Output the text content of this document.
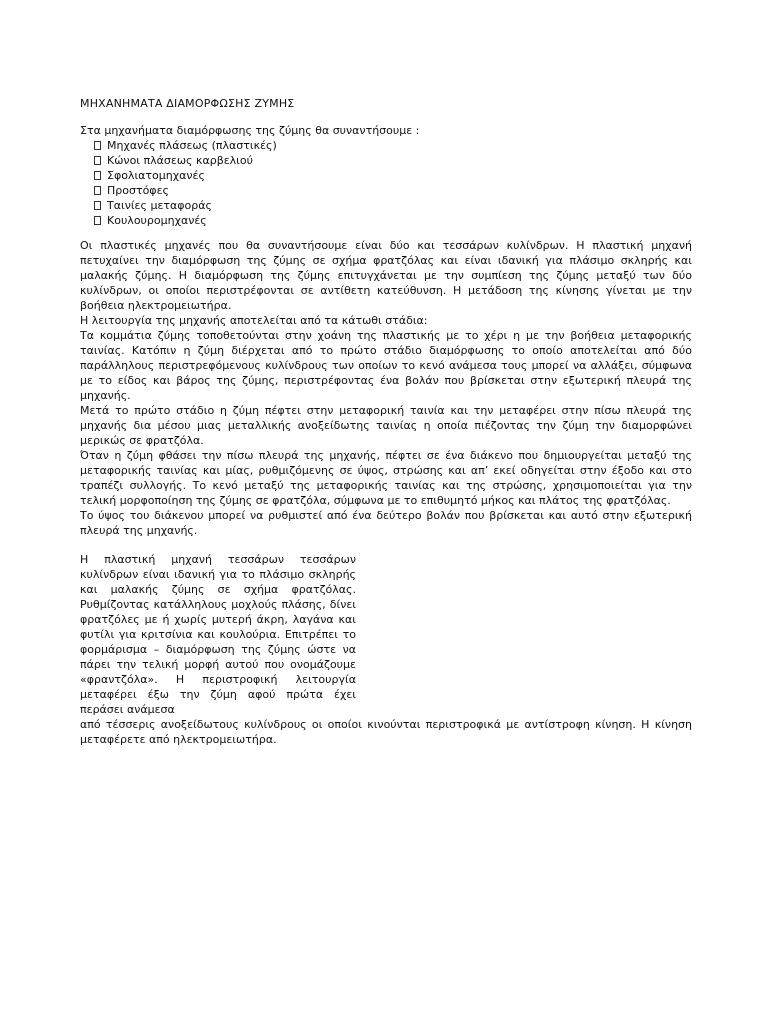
ΜΗΧΑΝΗΜΑΤΑ ΔΙΑΜΟΡΦΩΣΗΣ ΖΥΜΗΣ

Στα μηχανήματα διαμόρφωσης της ζύμης θα συναντήσουμε :

Μηχανές πλάσεως (πλαστικές)
Κώνοι πλάσεως καρβελιού
Σφολιατομηχανές
Προστόφες
Ταινίες μεταφοράς
Κουλουρομηχανές

Οι πλαστικές μηχανές που θα συναντήσουμε είναι δύο και τεσσάρων κυλίνδρων. Η πλαστική μηχανή πετυχαίνει την διαμόρφωση της ζύμης σε σχήμα φρατζόλας και είναι ιδανική για πλάσιμο σκληρής και μαλακής ζύμης. Η διαμόρφωση της ζύμης επιτυγχάνεται με την συμπίεση της ζύμης μεταξύ των δύο κυλίνδρων, οι οποίοι περιστρέφονται σε αντίθετη κατεύθυνση. Η μετάδοση της κίνησης γίνεται με την βοήθεια ηλεκτρομειωτήρα.

Η λειτουργία της μηχανής αποτελείται από τα κάτωθι στάδια:

Τα κομμάτια ζύμης τοποθετούνται στην χοάνη της πλαστικής με το χέρι η με την βοήθεια μεταφορικής ταινίας. Κατόπιν η ζύμη διέρχεται από το πρώτο στάδιο διαμόρφωσης το οποίο αποτελείται από δύο παράλληλους περιστρεφόμενους κυλίνδρους των οποίων το κενό ανάμεσα τους μπορεί να αλλάξει, σύμφωνα με το είδος και βάρος της ζύμης, περιστρέφοντας ένα βολάν που βρίσκεται στην εξωτερική πλευρά της μηχανής.

Μετά το πρώτο στάδιο η ζύμη πέφτει στην μεταφορική ταινία και την μεταφέρει στην πίσω πλευρά της μηχανής δια μέσου μιας μεταλλικής ανοξείδωτης ταινίας η οποία πιέζοντας την ζύμη την διαμορφώνει μερικώς σε φρατζόλα.

Όταν η ζύμη φθάσει την πίσω πλευρά της μηχανής, πέφτει σε ένα διάκενο που δημιουργείται μεταξύ της μεταφορικής ταινίας και μίας, ρυθμιζόμενης σε ύψος, στρώσης και απ’ εκεί οδηγείται στην έξοδο και στο τραπέζι συλλογής. Το κενό μεταξύ της μεταφορικής ταινίας και της στρώσης, χρησιμοποιείται για την τελική μορφοποίηση της ζύμης σε φρατζόλα, σύμφωνα με το επιθυμητό μήκος και πλάτος της φρατζόλας.

Το ύψος του διάκενου μπορεί να ρυθμιστεί από ένα δεύτερο βολάν που βρίσκεται και αυτό στην εξωτερική πλευρά της μηχανής.

Η πλαστική μηχανή τεσσάρων τεσσάρων κυλίνδρων είναι ιδανική για το πλάσιμο σκληρής και μαλακής ζύμης σε σχήμα φρατζόλας. Ρυθμίζοντας κατάλληλους μοχλούς πλάσης, δίνει φρατζόλες με ή χωρίς μυτερή άκρη, λαγάνα και φυτίλι για κριτσίνια και κουλούρια. Επιτρέπει το φορμάρισμα – διαμόρφωση της ζύμης ώστε να πάρει την τελική μορφή αυτού που ονομάζουμε «φραντζόλα». Η περιστροφική λειτουργία μεταφέρει έξω την ζύμη αφού πρώτα έχει περάσει ανάμεσα

από τέσσερις ανοξείδωτους κυλίνδρους οι οποίοι κινούνται περιστροφικά με αντίστροφη κίνηση. Η κίνηση μεταφέρετε από ηλεκτρομειωτήρα.
